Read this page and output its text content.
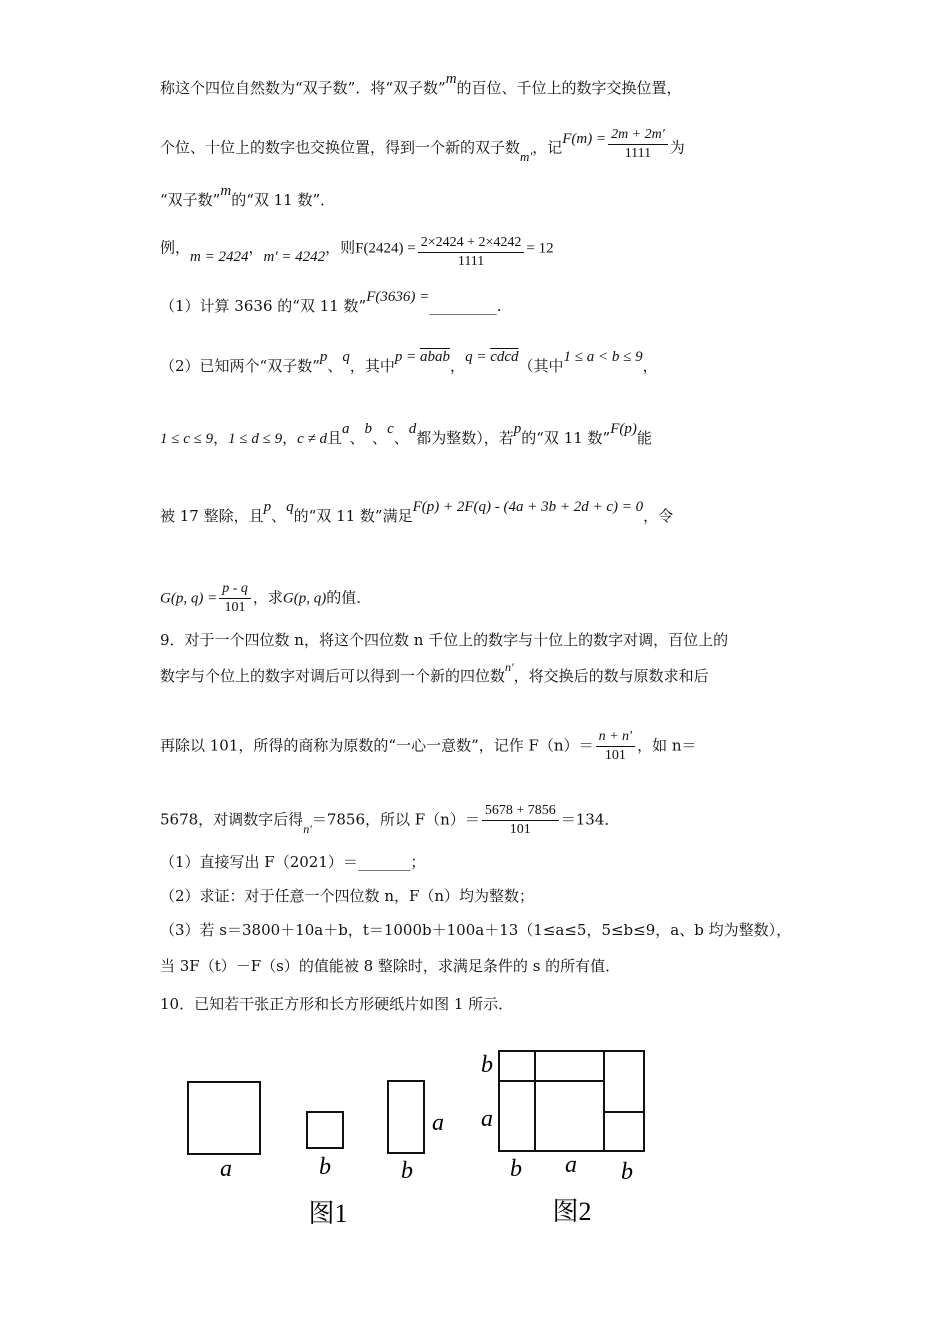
称这个四位自然数为“双子数”．将“双子数”m的百位、千位上的数字交换位置，
个位、十位上的数字也交换位置，得到一个新的双子数m'，记$F(m) = \frac{2m + 2m'}{1111}$ 为
“双子数”m的“双 11 数”．
例，m = 2424，m' = 4242，则$F(2424) = \frac{2\times 2424 + 2\times 4242}{1111} = 12$
（1）计算 3636 的“双 11 数”F(3636) =_________.
（2）已知两个“双子数”p、q，其中p = abab，q = cdcd（其中1 ≤ a < b ≤ 9，
1 ≤ c ≤ 9，1 ≤ d ≤ 9，c ≠ d且a、b、c、d都为整数），若p的“双 11 数”F(p)能
被 17 整除，且p、q的“双 11 数”满足F(p) + 2F(q) - (4a + 3b + 2d + c) = 0，令
G(p, $q) = \frac{p - q}{101}$ ，求G(p, q)的值．
9．对于一个四位数 n，将这个四位数 n 千位上的数字与十位上的数字对调，百位上的
数字与个位上的数字对调后可以得到一个新的四位数$^{n'}$，将交换后的数与原数求和后
再除以 101，所得的商称为原数的“一心一意数”，记作 $F(n)= \frac{n + n'}{101}$ ，如 n＝
5678，对调数字后得$_{n'}$＝7856，所以 $F(n)= \frac{5678 + 7856}{101} =134$．
（1）直接写出 F（2021）＝_______；
（2）求证：对于任意一个四位数 n，F（n）均为整数；
（3）若 s＝3800＋10a＋b，t＝1000b＋100a＋13（1≤a≤5，5≤b≤9，a、b 均为整数），
当 3F（t）－F（s）的值能被 8 整除时，求满足条件的 s 的所有值．
10．已知若干张正方形和长方形硬纸片如图 1 所示．
a	b	b
a
图1
b
a
b a b
图2
